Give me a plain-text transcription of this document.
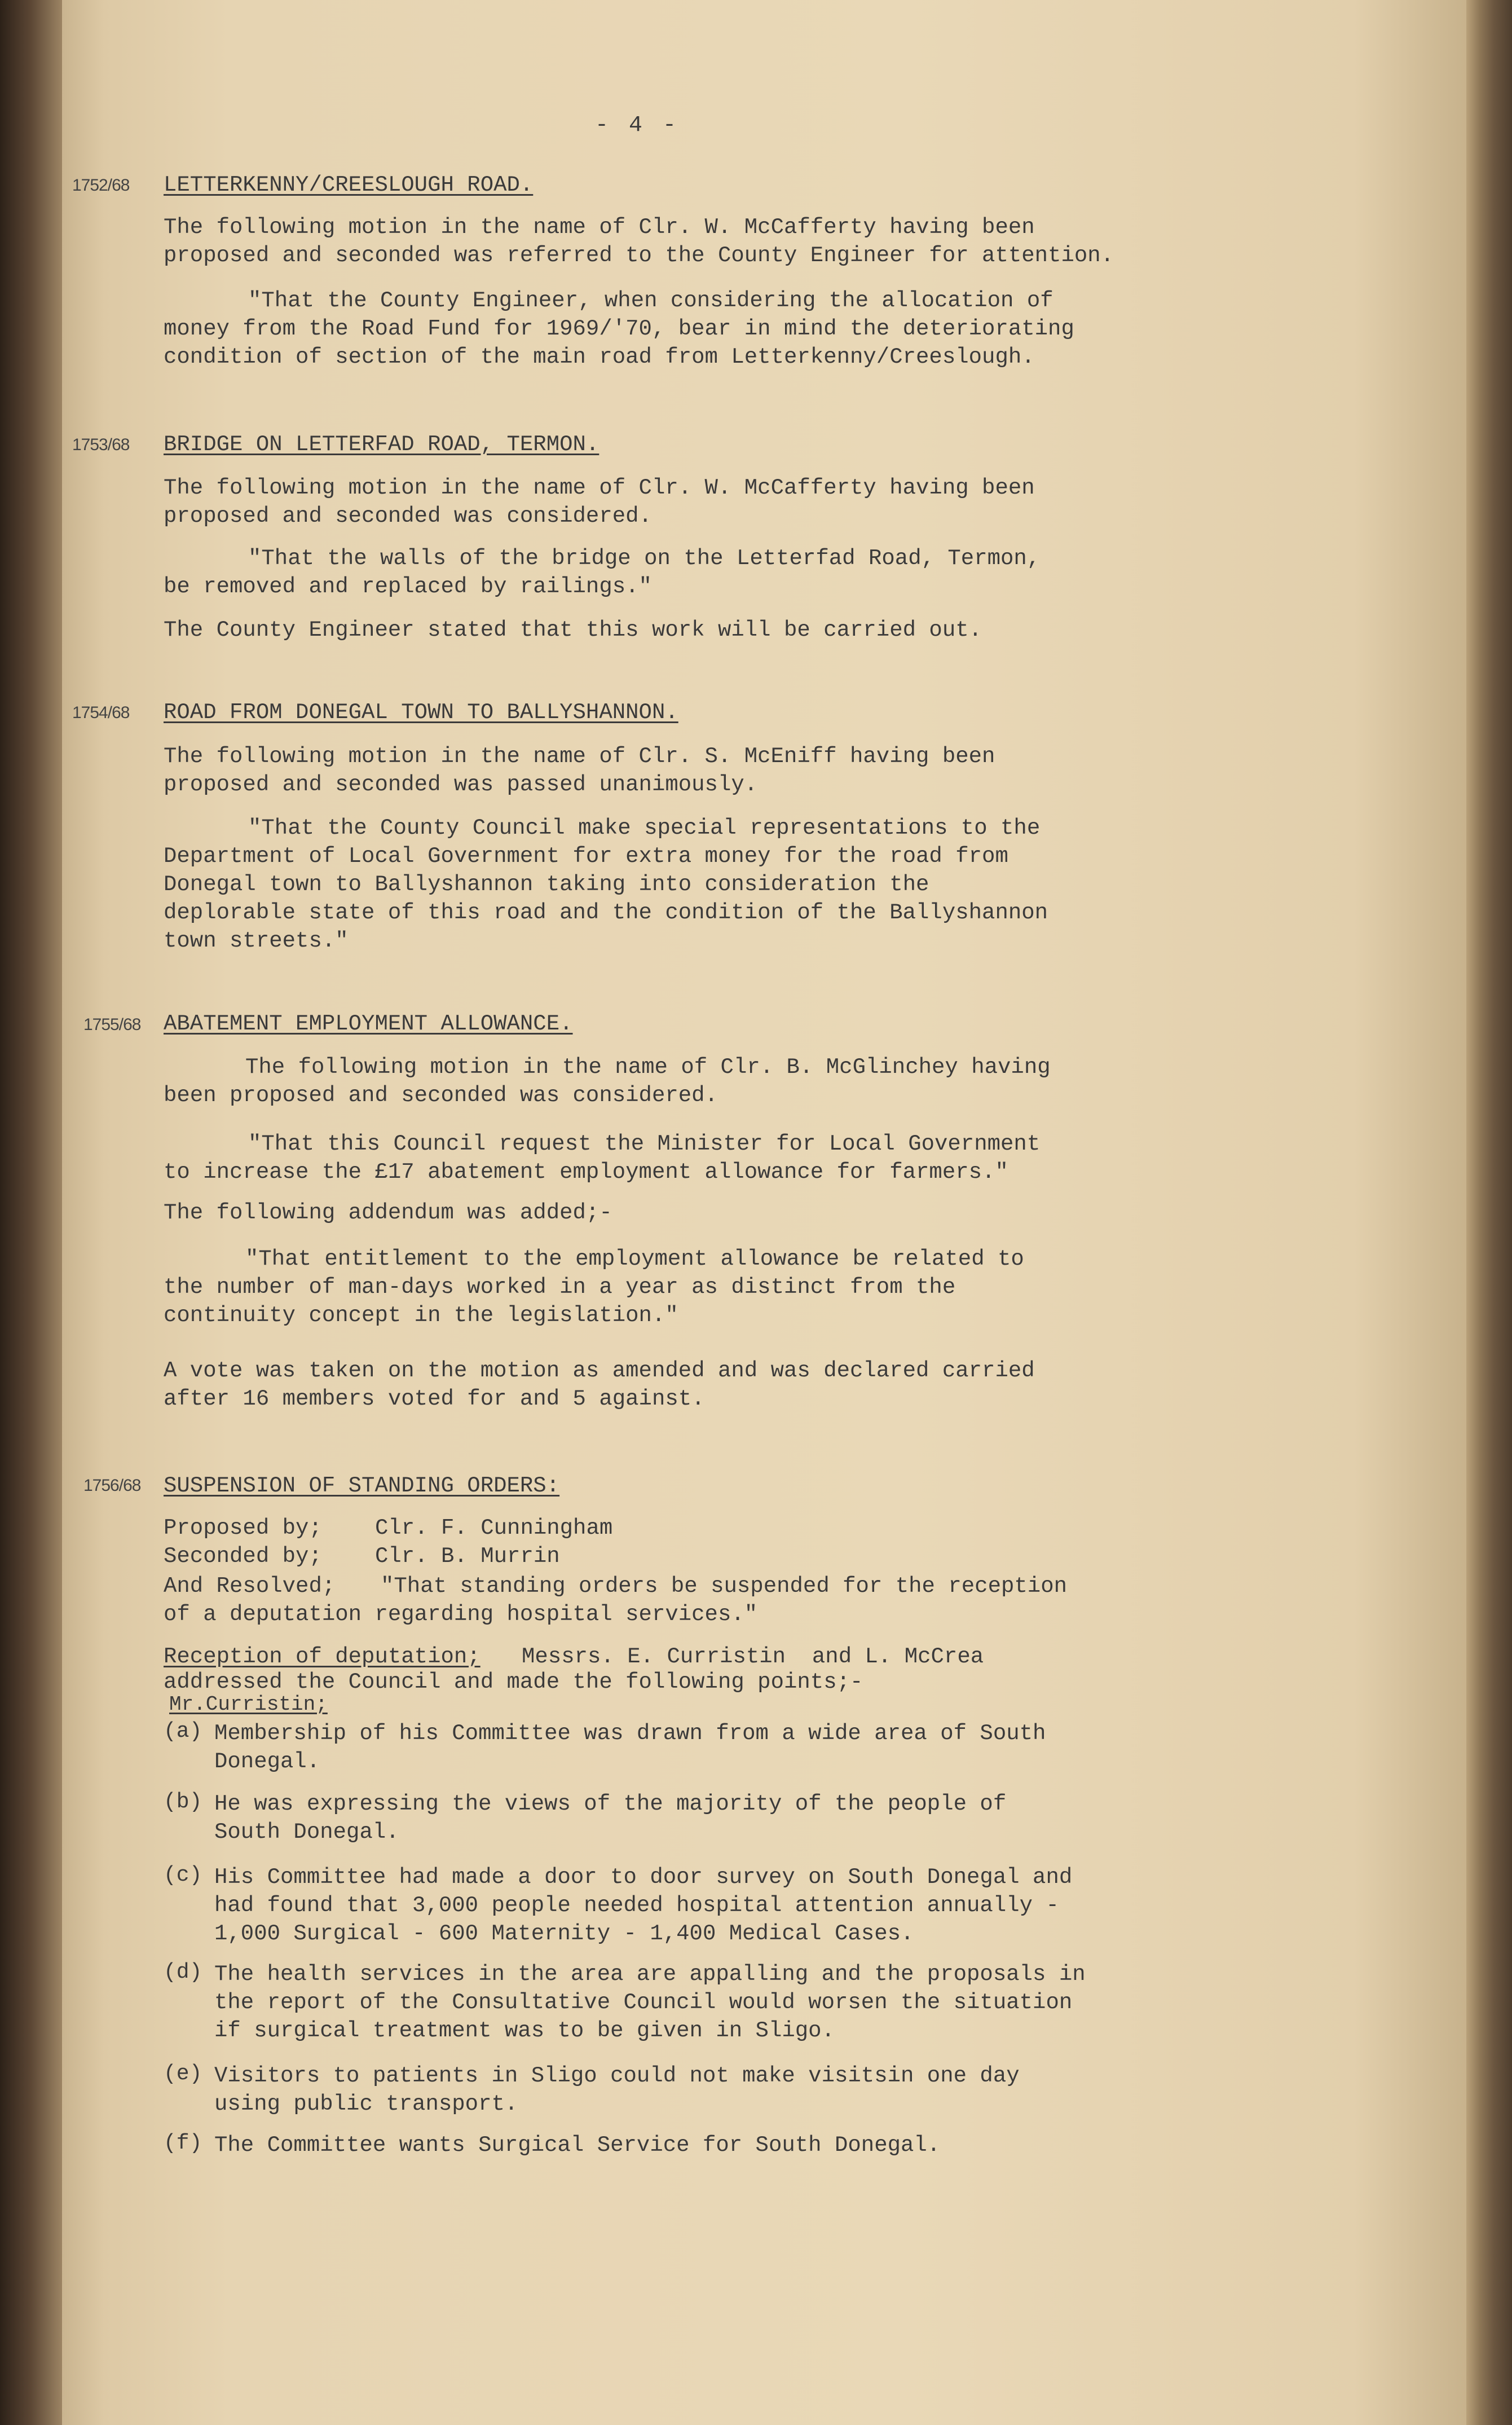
- 4 -
1752/68 LETTERKENNY/CREESLOUGH ROAD.
The following motion in the name of Clr. W. McCafferty having been
proposed and seconded was referred to the County Engineer for attention.
"That the County Engineer, when considering the allocation of
money from the Road Fund for 1969/'70, bear in mind the deteriorating
condition of section of the main road from Letterkenny/Creeslough.
1753/68 BRIDGE ON LETTERFAD ROAD, TERMON.
The following motion in the name of Clr. W. McCafferty having been
proposed and seconded was considered.
"That the walls of the bridge on the Letterfad Road, Termon,
be removed and replaced by railings."
The County Engineer stated that this work will be carried out.
1754/68 ROAD FROM DONEGAL TOWN TO BALLYSHANNON.
The following motion in the name of Clr. S. McEniff having been
proposed and seconded was passed unanimously.
"That the County Council make special representations to the
Department of Local Government for extra money for the road from
Donegal town to Ballyshannon taking into consideration the
deplorable state of this road and the condition of the Ballyshannon
town streets."
1755/68 ABATEMENT EMPLOYMENT ALLOWANCE.
The following motion in the name of Clr. B. McGlinchey having
been proposed and seconded was considered.
"That this Council request the Minister for Local Government
to increase the £17 abatement employment allowance for farmers."
The following addendum was added;-
"That entitlement to the employment allowance be related to
the number of man-days worked in a year as distinct from the
continuity concept in the legislation."
A vote was taken on the motion as amended and was declared carried
after 16 members voted for and 5 against.
1756/68 SUSPENSION OF STANDING ORDERS:
Proposed by; Clr. F. Cunningham
Seconded by; Clr. B. Murrin
And Resolved; "That standing orders be suspended for the reception
of a deputation regarding hospital services."
Reception of deputation; Messrs. E. Curristin  and L. McCrea
addressed the Council and made the following points;-
Mr.Curristin;
(a) Membership of his Committee was drawn from a wide area of South
Donegal.
(b) He was expressing the views of the majority of the people of
South Donegal.
(c) His Committee had made a door to door survey on South Donegal and
had found that 3,000 people needed hospital attention annually -
1,000 Surgical - 600 Maternity - 1,400 Medical Cases.
(d) The health services in the area are appalling and the proposals in
the report of the Consultative Council would worsen the situation
if surgical treatment was to be given in Sligo.
(e) Visitors to patients in Sligo could not make visitsin one day
using public transport.
(f) The Committee wants Surgical Service for South Donegal.
